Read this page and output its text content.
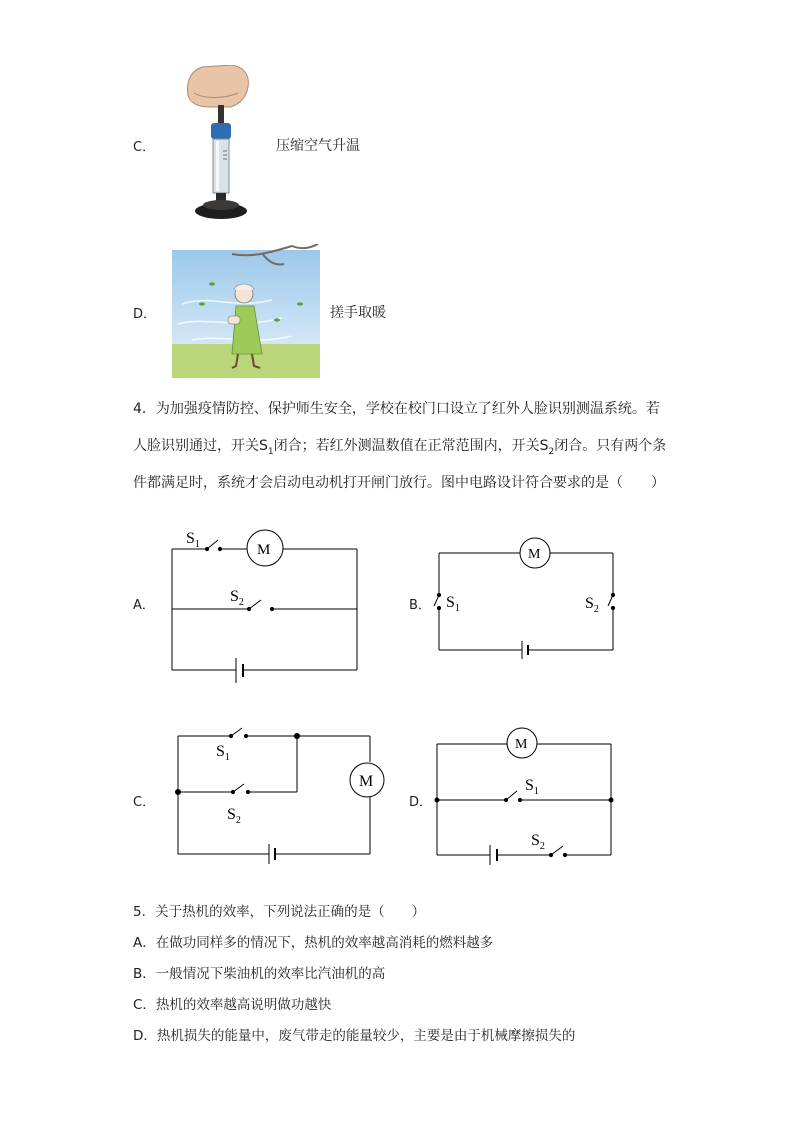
C．	压缩空气升温
D．	搓手取暖
4．为加强疫情防控、保护师生安全，学校在校门口设立了红外人脸识别测温系统。若
人脸识别通过，开关$S_1$闭合；若红外测温数值在正常范围内，开关$S_2$闭合。只有两个条
件都满足时，系统才会启动电动机打开闸门放行。图中电路设计符合要求的是（　　）
A．
$S_1$	M
$S_2$	B．
M
$S_1$	$S_2$
C．
$S_1$
$S_2$
M
D．
M
$S_1$
$S_2$
5．关于热机的效率，下列说法正确的是（　　）
A．在做功同样多的情况下，热机的效率越高消耗的燃料越多
B．一般情况下柴油机的效率比汽油机的高
C．热机的效率越高说明做功越快
D．热机损失的能量中，废气带走的能量较少，主要是由于机械摩擦损失的
